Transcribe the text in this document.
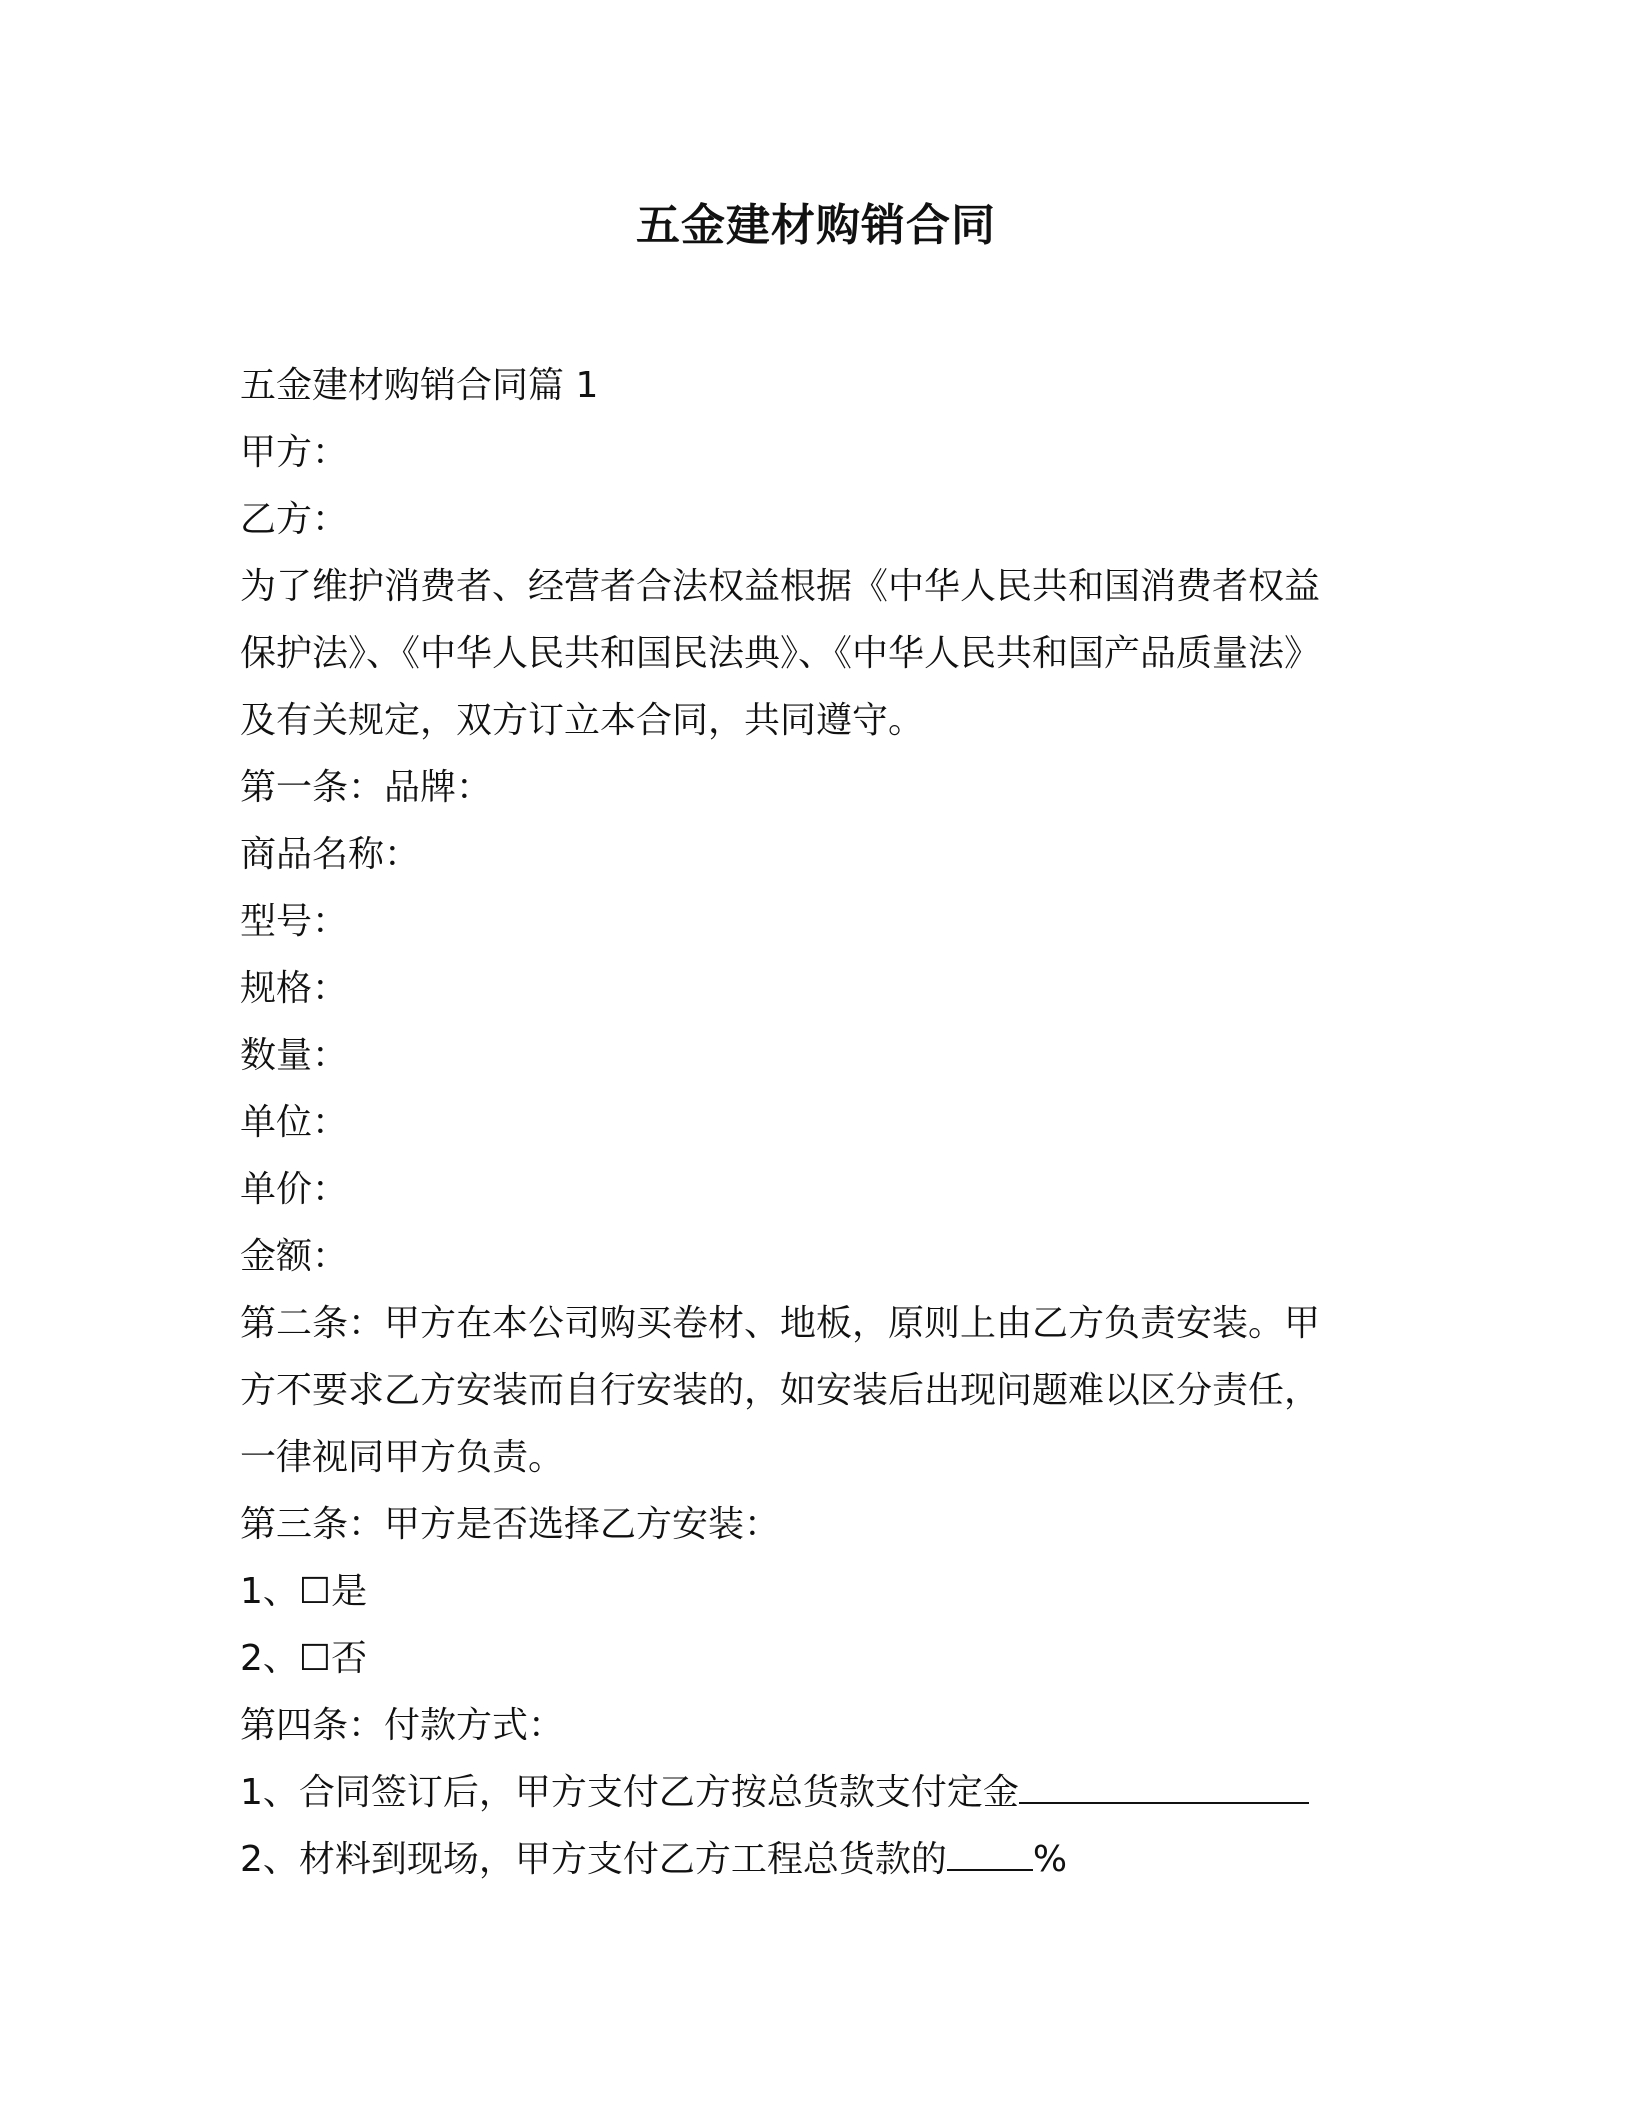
五金建材购销合同
五金建材购销合同篇 1
甲方：
乙方：
为了维护消费者、经营者合法权益根据《中华人民共和国消费者权益保护法》、《中华人民共和国民法典》、《中华人民共和国产品质量法》及有关规定，双方订立本合同，共同遵守。
第一条：品牌：
商品名称：
型号：
规格：
数量：
单位：
单价：
金额：
第二条：甲方在本公司购买卷材、地板，原则上由乙方负责安装。甲方不要求乙方安装而自行安装的，如安装后出现问题难以区分责任，一律视同甲方负责。
第三条：甲方是否选择乙方安装：
1、☐是
2、☐否
第四条：付款方式：
1、合同签订后，甲方支付乙方按总货款支付定金
2、材料到现场，甲方支付乙方工程总货款的 %
